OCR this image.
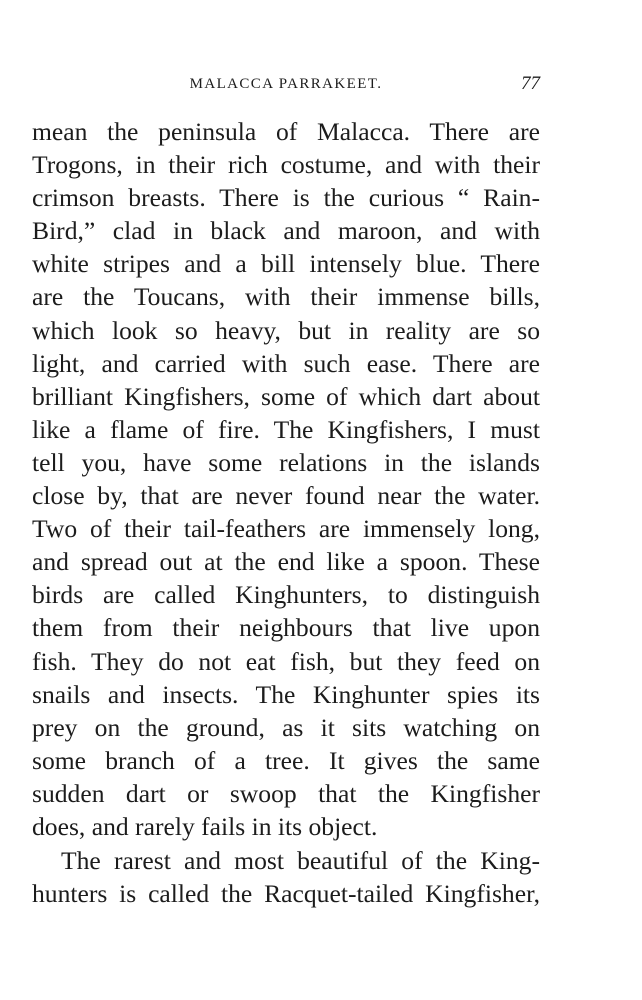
MALACCA PARRAKEET.	77
mean the peninsula of Malacca. There are
Trogons, in their rich costume, and with their
crimson breasts. There is the curious “ Rain-
Bird,” clad in black and maroon, and with
white stripes and a bill intensely blue. There
are the Toucans, with their immense bills,
which look so heavy, but in reality are so
light, and carried with such ease. There are
brilliant Kingfishers, some of which dart about
like a flame of fire. The Kingfishers, I must
tell you, have some relations in the islands
close by, that are never found near the water.
Two of their tail-feathers are immensely long,
and spread out at the end like a spoon. These
birds are called Kinghunters, to distinguish
them from their neighbours that live upon
fish. They do not eat fish, but they feed on
snails and insects. The Kinghunter spies its
prey on the ground, as it sits watching on
some branch of a tree. It gives the same
sudden dart or swoop that the Kingfisher
does, and rarely fails in its object.
The rarest and most beautiful of the King-
hunters is called the Racquet-tailed Kingfisher,
